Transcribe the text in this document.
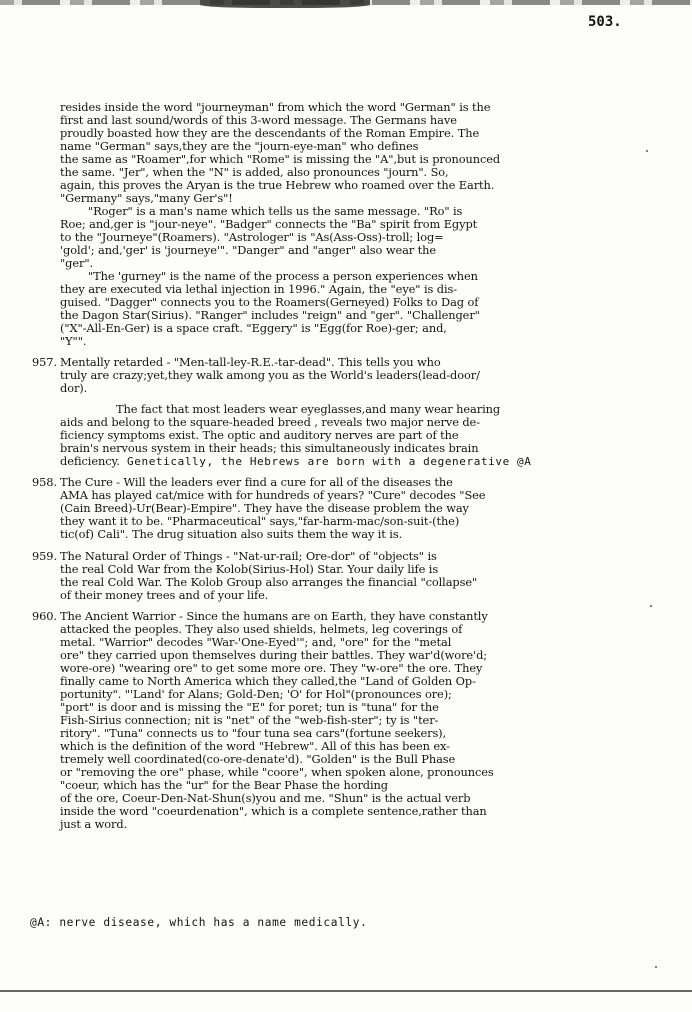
503.
resides inside the word "journeyman" from which the word "German" is the
first and last sound/words of this 3-word message. The Germans have
proudly boasted how they are the descendants of the Roman Empire. The
name "German" says,they are the "journ-eye-man" who defines
the same as "Roamer",for which "Rome" is missing the "A",but is pronounced
the same. "Jer", when the "N" is added, also pronounces "journ". So,
again, this proves the Aryan is the true Hebrew who roamed over the Earth.
"Germany" says,"many Ger's"!
"Roger" is a man's name which tells us the same message. "Ro" is
Roe; and,ger is "jour-neye". "Badger" connects the "Ba" spirit from Egypt
to the "Journeye"(Roamers). "Astrologer" is "As(Ass-Oss)-troll; log=
'gold'; and,'ger' is 'journeye'". "Danger" and "anger" also wear the
"ger".
"The 'gurney" is the name of the process a person experiences when
they are executed via lethal injection in 1996." Again, the "eye" is dis-
guised. "Dagger" connects you to the Roamers(Gerneyed) Folks to Dag of
the Dagon Star(Sirius). "Ranger" includes "reign" and "ger". "Challenger"
("X"-All-En-Ger) is a space craft. "Eggery" is "Egg(for Roe)-ger; and,
"Y"".
957. Mentally retarded - "Men-tall-ley-R.E.-tar-dead". This tells you who
truly are crazy;yet,they walk among you as the World's leaders(lead-door/
dor).
The fact that most leaders wear eyeglasses,and many wear hearing
aids and belong to the square-headed breed , reveals two major nerve de-
ficiency symptoms exist. The optic and auditory nerves are part of the
brain's nervous system in their heads; this simultaneously indicates brain
deficiency. Genetically, the Hebrews are born with a degenerative @A
958. The Cure - Will the leaders ever find a cure for all of the diseases the
AMA has played cat/mice with for hundreds of years? "Cure" decodes "See
(Cain Breed)-Ur(Bear)-Empire". They have the disease problem the way
they want it to be. "Pharmaceutical" says,"far-harm-mac/son-suit-(the)
tic(of) Cali". The drug situation also suits them the way it is.
959. The Natural Order of Things - "Nat-ur-rail; Ore-dor" of "objects" is
the real Cold War from the Kolob(Sirius-Hol) Star. Your daily life is
the real Cold War. The Kolob Group also arranges the financial "collapse"
of their money trees and of your life.
960. The Ancient Warrior - Since the humans are on Earth, they have constantly
attacked the peoples. They also used shields, helmets, leg coverings of
metal. "Warrior" decodes "War-'One-Eyed'"; and, "ore" for the "metal
ore" they carried upon themselves during their battles. They war'd(wore'd;
wore-ore) "wearing ore" to get some more ore. They "w-ore" the ore. They
finally came to North America which they called,the "Land of Golden Op-
portunity". "'Land' for Alans; Gold-Den; 'O' for Hol"(pronounces ore);
"port" is door and is missing the "E" for poret; tun is "tuna" for the
Fish-Sirius connection; nit is "net" of the "web-fish-ster"; ty is "ter-
ritory". "Tuna" connects us to "four tuna sea cars"(fortune seekers),
which is the definition of the word "Hebrew". All of this has been ex-
tremely well coordinated(co-ore-denate'd). "Golden" is the Bull Phase
or "removing the ore" phase, while "coore", when spoken alone, pronounces
"coeur, which has the "ur" for the Bear Phase the hording
of the ore, Coeur-Den-Nat-Shun(s)you and me. "Shun" is the actual verb
inside the word "coeurdenation", which is a complete sentence,rather than
just a word.
@A: nerve disease, which has a name medically.
